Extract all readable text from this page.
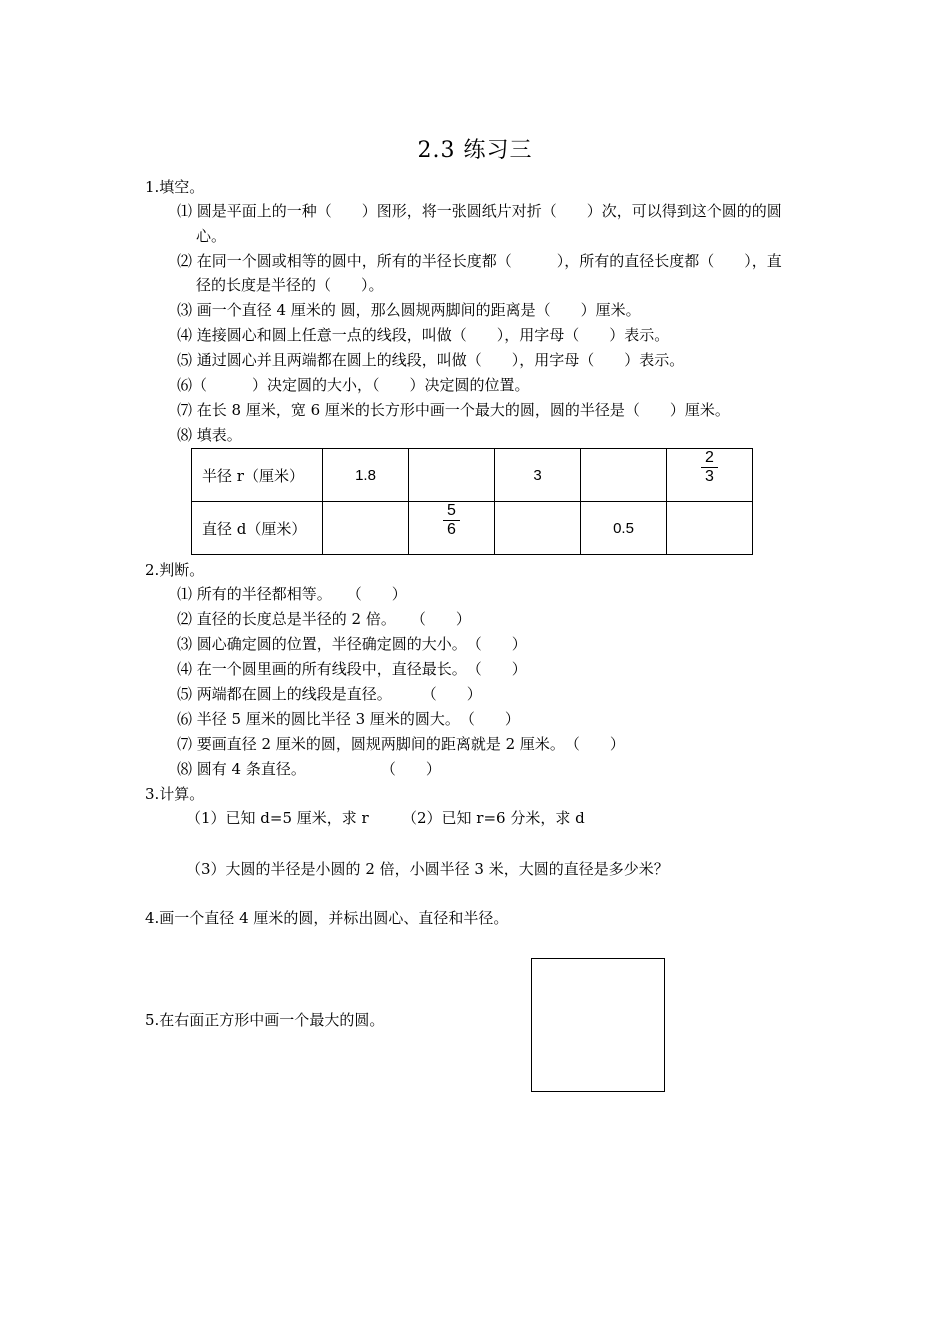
2.3 练习三
1.填空。
⑴ 圆是平面上的一种（　　）图形，将一张圆纸片对折（　　）次，可以得到这个圆的的圆
心。
⑵ 在同一个圆或相等的圆中，所有的半径长度都（　　　），所有的直径长度都（　　），直
径的长度是半径的（　　）。
⑶ 画一个直径 4 厘米的 圆，那么圆规两脚间的距离是（　　）厘米。
⑷ 连接圆心和圆上任意一点的线段，叫做（　　），用字母（　　）表示。
⑸ 通过圆心并且两端都在圆上的线段，叫做（　　），用字母（　　）表示。
⑹（　　　）决定圆的大小，（　　）决定圆的位置。
⑺ 在长 8 厘米，宽 6 厘米的长方形中画一个最大的圆，圆的半径是（　　）厘米。
⑻ 填表。
半径 r（厘米）	1.8		3		$\frac{2}{3}$

直径 d（厘米）		$\frac{5}{6}$		0.5	
2.判断。
⑴ 所有的半径都相等。　　（　　）
⑵ 直径的长度总是半径的 2 倍。　　（　　）
⑶ 圆心确定圆的位置，半径确定圆的大小。　（　　）
⑷ 在一个圆里画的所有线段中，直径最长。　（　　）
⑸ 两端都在圆上的线段是直径。　　　（　　）
⑹ 半径 5 厘米的圆比半径 3 厘米的圆大。　（　　）
⑺ 要画直径 2 厘米的圆，圆规两脚间的距离就是 2 厘米。　（　　）
⑻ 圆有 4 条直径。　　　　　　（　　）
3.计算。
（1）已知 d=5 厘米，求 r （2）已知 r=6 分米，求 d
（3）大圆的半径是小圆的 2 倍，小圆半径 3 米，大圆的直径是多少米？
4.画一个直径 4 厘米的圆，并标出圆心、直径和半径。
5.在右面正方形中画一个最大的圆。
